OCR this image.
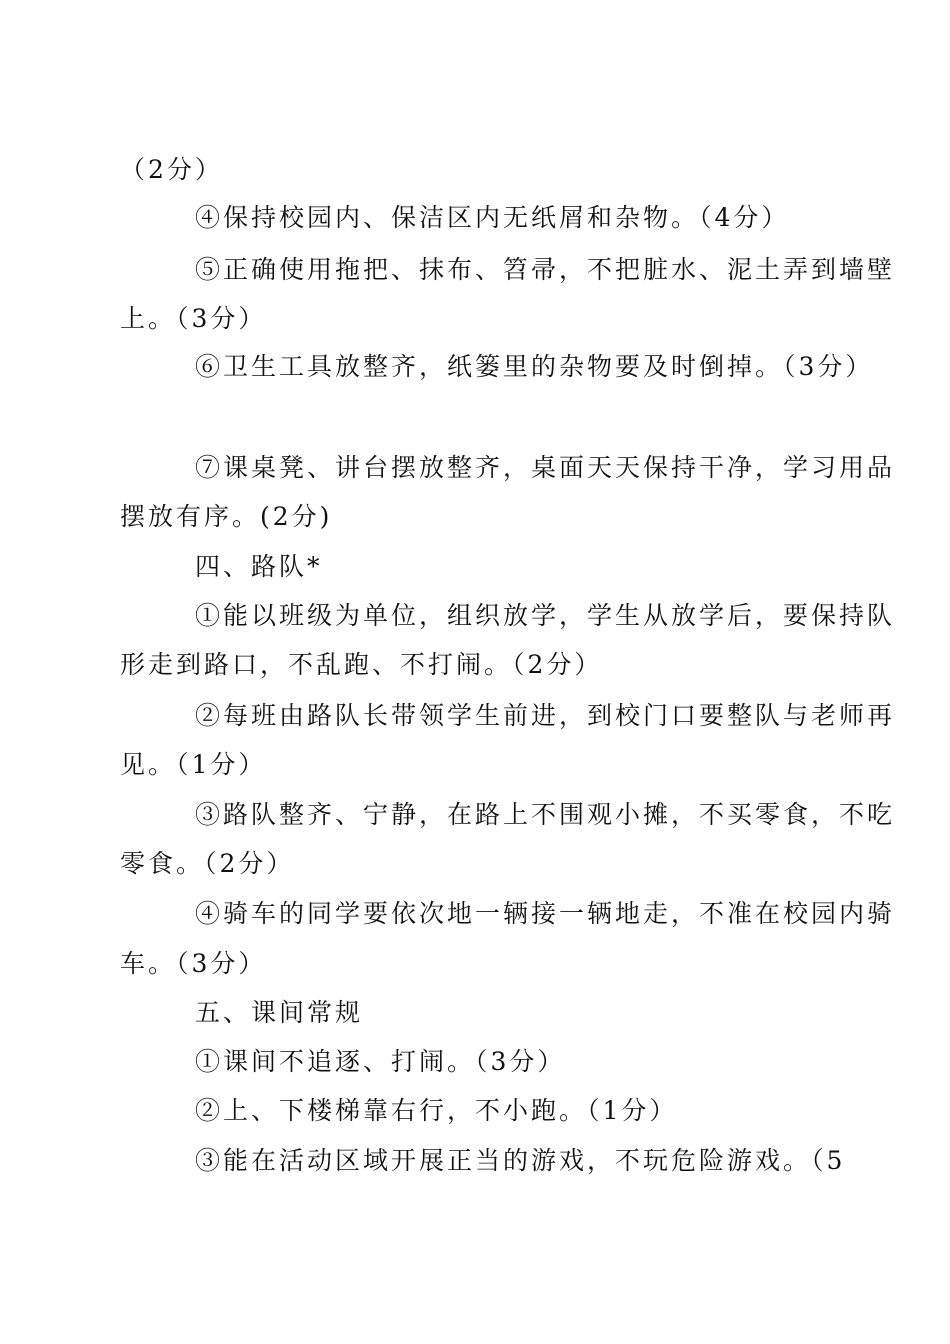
（2分）
④保持校园内、保洁区内无纸屑和杂物。（4分）
⑤正确使用拖把、抹布、笤帚，不把脏水、泥土弄到墙壁
上。（3分）
⑥卫生工具放整齐，纸篓里的杂物要及时倒掉。（3分）
⑦课桌凳、讲台摆放整齐，桌面天天保持干净，学习用品
摆放有序。(2分)
四、路队*
①能以班级为单位，组织放学，学生从放学后，要保持队
形走到路口，不乱跑、不打闹。（2分）
②每班由路队长带领学生前进，到校门口要整队与老师再
见。（1分）
③路队整齐、宁静，在路上不围观小摊，不买零食，不吃
零食。（2分）
④骑车的同学要依次地一辆接一辆地走，不准在校园内骑
车。（3分）
五、课间常规
①课间不追逐、打闹。（3分）
②上、下楼梯靠右行，不小跑。（1分）
③能在活动区域开展正当的游戏，不玩危险游戏。（5
